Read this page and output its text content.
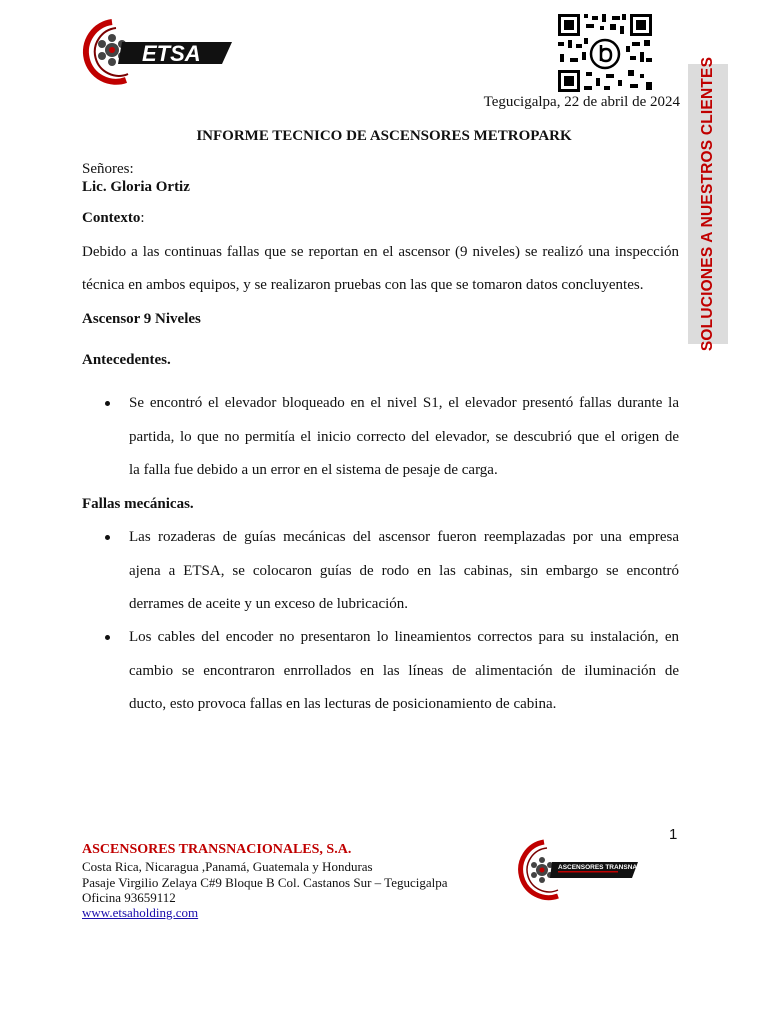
ETSA
SOLUCIONES A NUESTROS CLIENTES
Tegucigalpa, 22 de abril de 2024
INFORME TECNICO DE ASCENSORES METROPARK
Señores:
Lic. Gloria Ortiz
Contexto:
Debido a las continuas fallas que se reportan en el ascensor (9 niveles) se realizó una inspección
técnica en ambos equipos, y se realizaron pruebas con las que se tomaron datos concluyentes.
Ascensor 9 Niveles
Antecedentes.
Se encontró el elevador bloqueado en el nivel S1, el elevador presentó fallas durante la
partida, lo que no permitía el inicio correcto del elevador, se descubrió que el origen de
la falla fue debido a un error en el sistema de pesaje de carga.
Fallas mecánicas.
Las rozaderas de guías mecánicas del ascensor fueron reemplazadas por una empresa
ajena a ETSA, se colocaron guías de rodo en las cabinas, sin embargo se encontró
derrames de aceite y un exceso de lubricación.
Los cables del encoder no presentaron lo lineamientos correctos para su instalación, en
cambio se encontraron enrrollados en las líneas de alimentación de iluminación de
ducto, esto provoca fallas en las lecturas de posicionamiento de cabina.
1
ASCENSORES TRANSNACIONALES, S.A.
Costa Rica, Nicaragua ,Panamá, Guatemala y Honduras
Pasaje Virgilio Zelaya C#9 Bloque B Col. Castanos Sur – Tegucigalpa
Oficina 93659112
www.etsaholding.com
ASCENSORES TRANSNACIONALES
